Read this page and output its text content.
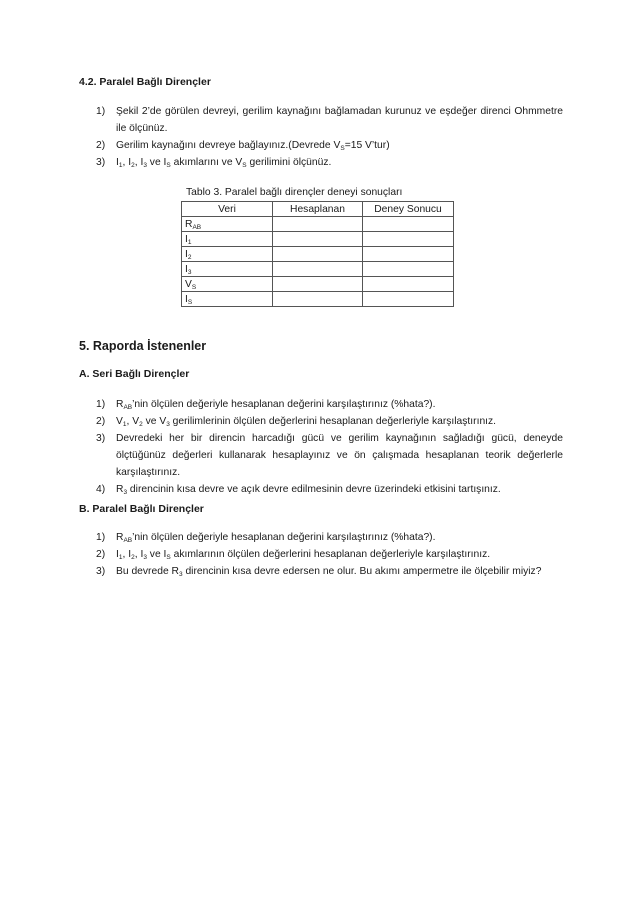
4.2. Paralel Bağlı Dirençler
1) Şekil 2’de görülen devreyi, gerilim kaynağını bağlamadan kurunuz ve eşdeğer direnci Ohmmetre ile ölçünüz.
2) Gerilim kaynağını devreye bağlayınız.(Devrede $V_S=15$ V’tur)
3) $I_1$, $I_2$, $I_3$ ve $I_S$ akımlarını ve $V_S$ gerilimini ölçünüz.
Tablo 3. Paralel bağlı dirençler deneyi sonuçları
Veri	Hesaplanan	Deney Sonucu
$R_{AB}$		
$I_1$		
$I_2$		
$I_3$		
$V_S$		
$I_S$		
5. Raporda İstenenler
A. Seri Bağlı Dirençler
1) $R_{AB}’nin$ ölçülen değeriyle hesaplanan değerini karşılaştırınız (%hata?).
2) $V_1$, $V_2$ ve $V_3$ gerilimlerinin ölçülen değerlerini hesaplanan değerleriyle karşılaştırınız.
3) Devredeki her bir direncin harcadığı gücü ve gerilim kaynağının sağladığı gücü, deneyde ölçtüğünüz değerleri kullanarak hesaplayınız ve ön çalışmada hesaplanan teorik değerlerle karşılaştırınız.
4) $R_3$ direncinin kısa devre ve açık devre edilmesinin devre üzerindeki etkisini tartışınız.
B. Paralel Bağlı Dirençler
1) $R_{AB}’nin$ ölçülen değeriyle hesaplanan değerini karşılaştırınız (%hata?).
2) $I_1$, $I_2$, $I_3$ ve $I_S$ akımlarının ölçülen değerlerini hesaplanan değerleriyle karşılaştırınız.
3) Bu devrede $R_3$ direncinin kısa devre edersen ne olur. Bu akımı ampermetre ile ölçebilir miyiz?
